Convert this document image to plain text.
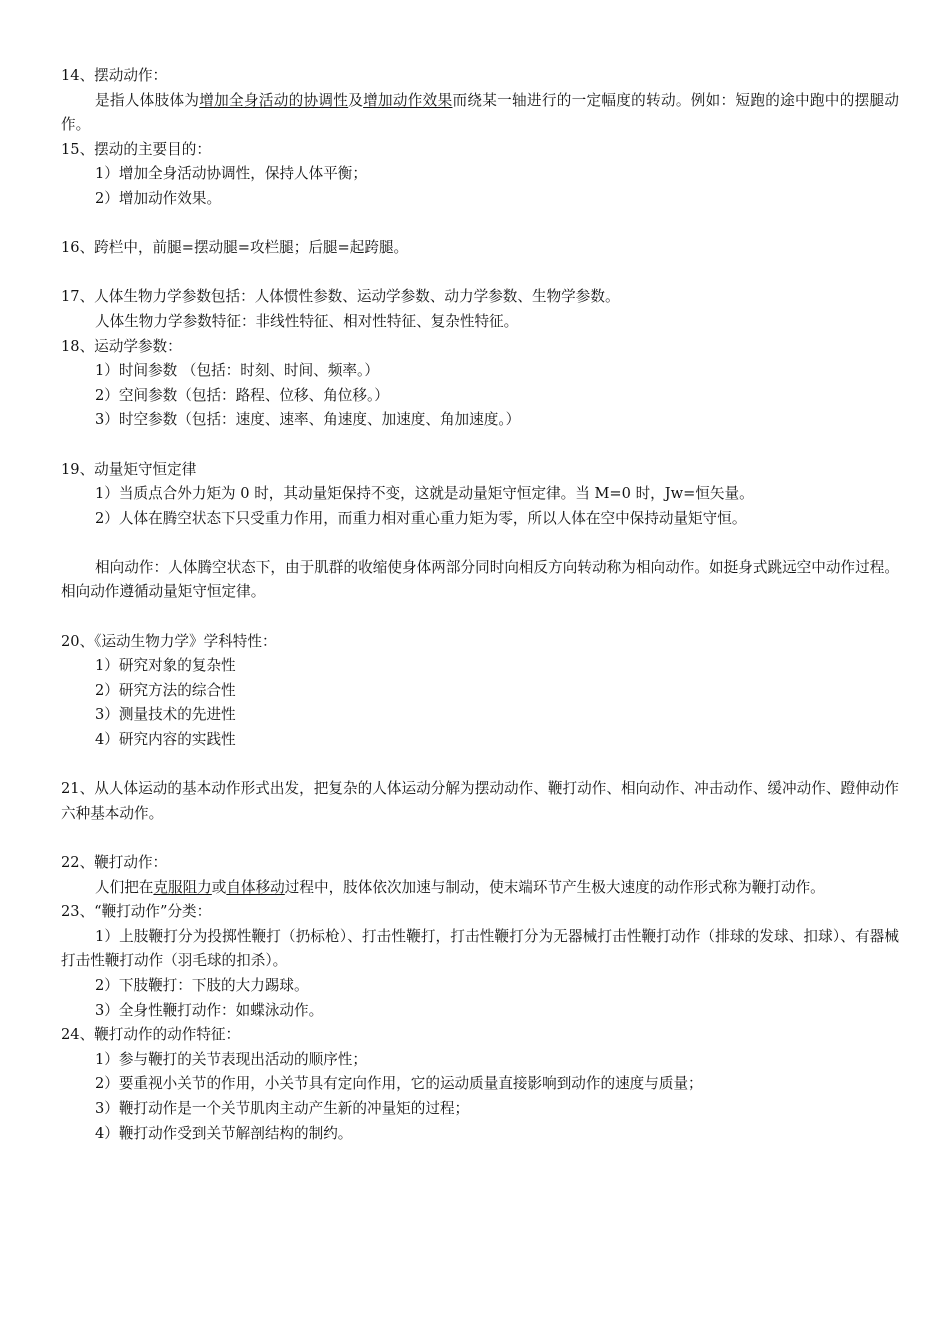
14、摆动动作：

是指人体肢体为增加全身活动的协调性及增加动作效果而绕某一轴进行的一定幅度的转动。例如：短跑的途中跑中的摆腿动作。

15、摆动的主要目的：

1）增加全身活动协调性，保持人体平衡；

2）增加动作效果。

16、跨栏中，前腿=摆动腿=攻栏腿；后腿=起跨腿。

17、人体生物力学参数包括：人体惯性参数、运动学参数、动力学参数、生物学参数。

人体生物力学参数特征：非线性特征、相对性特征、复杂性特征。

18、运动学参数：

1）时间参数 （包括：时刻、时间、频率。）

2）空间参数（包括：路程、位移、角位移。）

3）时空参数（包括：速度、速率、角速度、加速度、角加速度。）

19、动量矩守恒定律

1）当质点合外力矩为 0 时，其动量矩保持不变，这就是动量矩守恒定律。当 M=0 时，Jw=恒矢量。

2）人体在腾空状态下只受重力作用，而重力相对重心重力矩为零，所以人体在空中保持动量矩守恒。

相向动作：人体腾空状态下，由于肌群的收缩使身体两部分同时向相反方向转动称为相向动作。如挺身式跳远空中动作过程。相向动作遵循动量矩守恒定律。

20、《运动生物力学》学科特性：

1）研究对象的复杂性

2）研究方法的综合性

3）测量技术的先进性

4）研究内容的实践性

21、从人体运动的基本动作形式出发，把复杂的人体运动分解为摆动动作、鞭打动作、相向动作、冲击动作、缓冲动作、蹬伸动作六种基本动作。

22、鞭打动作：

人们把在克服阻力或自体移动过程中，肢体依次加速与制动，使末端环节产生极大速度的动作形式称为鞭打动作。

23、“鞭打动作”分类：

1）上肢鞭打分为投掷性鞭打（扔标枪）、打击性鞭打，打击性鞭打分为无器械打击性鞭打动作（排球的发球、扣球）、有器械打击性鞭打动作（羽毛球的扣杀）。

2）下肢鞭打：下肢的大力踢球。

3）全身性鞭打动作：如蝶泳动作。

24、鞭打动作的动作特征：

1）参与鞭打的关节表现出活动的顺序性；

2）要重视小关节的作用，小关节具有定向作用，它的运动质量直接影响到动作的速度与质量；

3）鞭打动作是一个关节肌肉主动产生新的冲量矩的过程；

4）鞭打动作受到关节解剖结构的制约。
